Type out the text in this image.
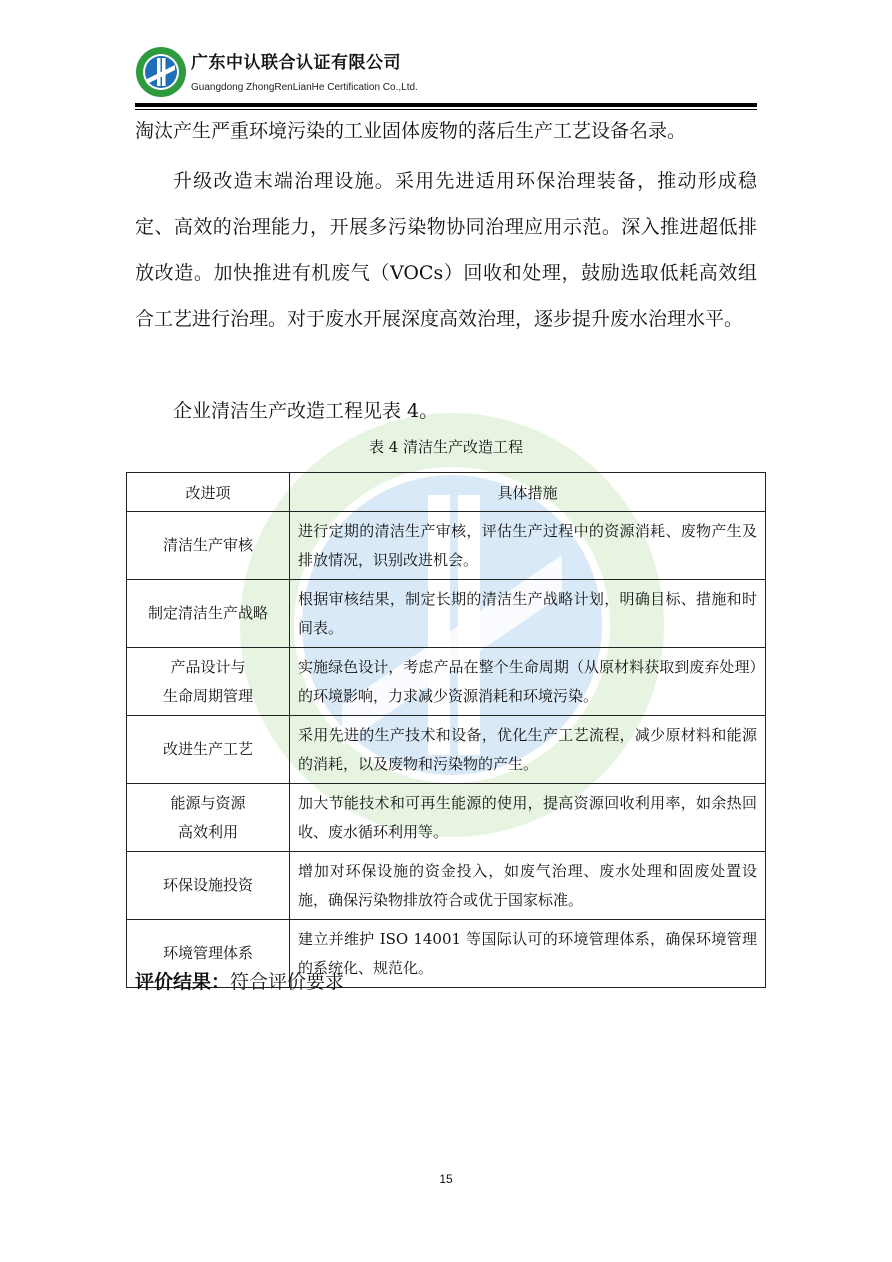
广东中认联合认证有限公司
Guangdong ZhongRenLianHe Certification Co.,Ltd.

淘汰产生严重环境污染的工业固体废物的落后生产工艺设备名录。

升级改造末端治理设施。采用先进适用环保治理装备，推动形成稳定、高效的治理能力，开展多污染物协同治理应用示范。深入推进超低排放改造。加快推进有机废气（VOCs）回收和处理，鼓励选取低耗高效组合工艺进行治理。对于废水开展深度高效治理，逐步提升废水治理水平。

企业清洁生产改造工程见表 4。

表 4 清洁生产改造工程
改进项	具体措施
清洁生产审核	进行定期的清洁生产审核，评估生产过程中的资源消耗、废物产生及排放情况，识别改进机会。
制定清洁生产战略	根据审核结果，制定长期的清洁生产战略计划，明确目标、措施和时间表。
产品设计与
生命周期管理	实施绿色设计，考虑产品在整个生命周期（从原材料获取到废弃处理）的环境影响，力求减少资源消耗和环境污染。
改进生产工艺	采用先进的生产技术和设备，优化生产工艺流程，减少原材料和能源的消耗，以及废物和污染物的产生。
能源与资源
高效利用	加大节能技术和可再生能源的使用，提高资源回收利用率，如余热回收、废水循环利用等。
环保设施投资	增加对环保设施的资金投入，如废气治理、废水处理和固废处置设施，确保污染物排放符合或优于国家标准。
环境管理体系	建立并维护 ISO 14001 等国际认可的环境管理体系，确保环境管理的系统化、规范化。
评价结果：符合评价要求
15
